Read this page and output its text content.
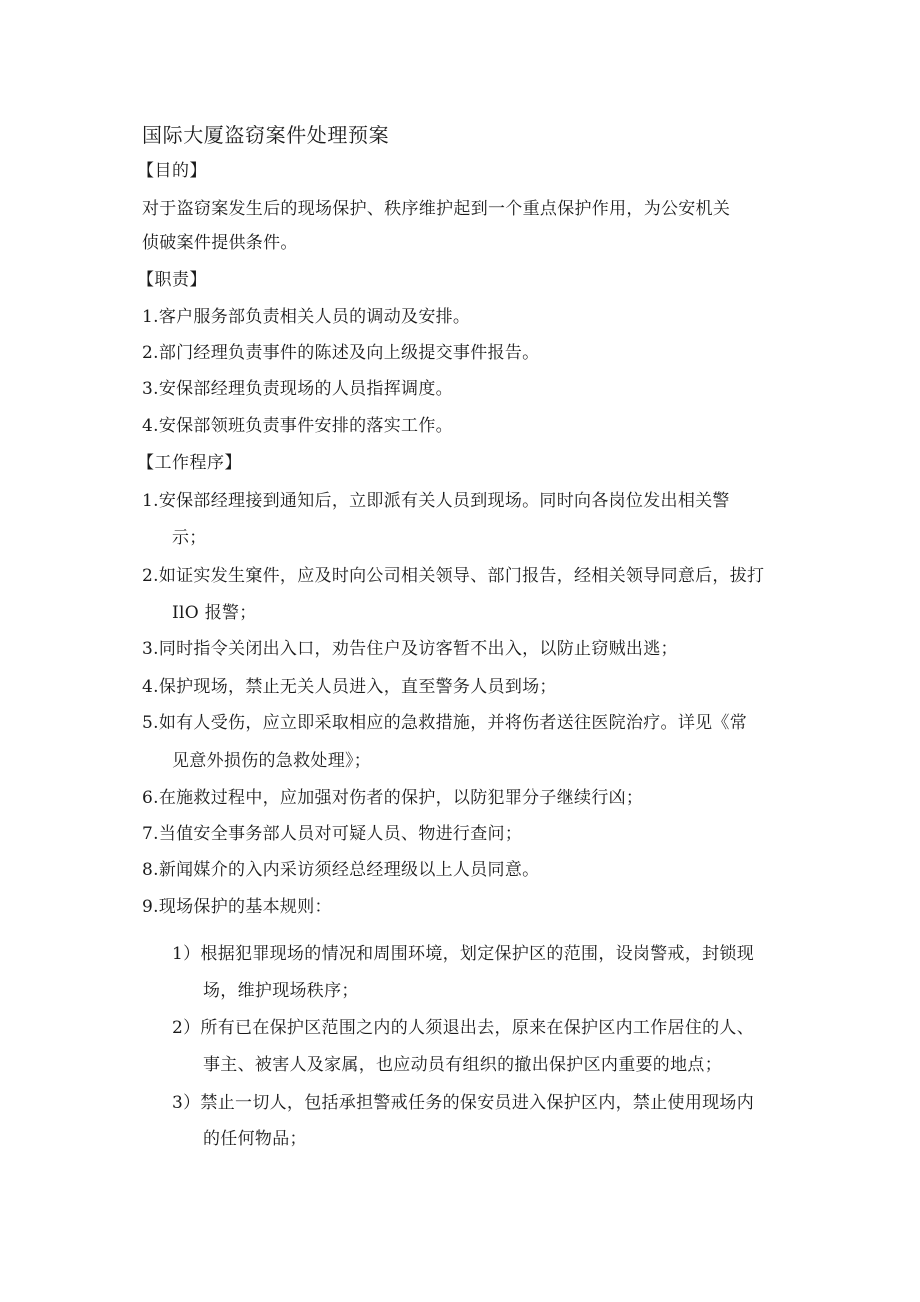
国际大厦盗窃案件处理预案
【目的】
对于盗窃案发生后的现场保护、秩序维护起到一个重点保护作用，为公安机关
侦破案件提供条件。
【职责】
1.客户服务部负责相关人员的调动及安排。
2.部门经理负责事件的陈述及向上级提交事件报告。
3.安保部经理负责现场的人员指挥调度。
4.安保部领班负责事件安排的落实工作。
【工作程序】
1.安保部经理接到通知后，立即派有关人员到现场。同时向各岗位发出相关警
示；
2.如证实发生窠件，应及时向公司相关领导、部门报告，经相关领导同意后，拔打
IlO 报警；
3.同时指令关闭出入口，劝告住户及访客暂不出入，以防止窃贼出逃；
4.保护现场，禁止无关人员进入，直至警务人员到场；
5.如有人受伤，应立即采取相应的急救措施，并将伤者送往医院治疗。详见《常
见意外损伤的急救处理》；
6.在施救过程中，应加强对伤者的保护，以防犯罪分子继续行凶；
7.当值安全事务部人员对可疑人员、物进行查问；
8.新闻媒介的入内采访须经总经理级以上人员同意。
9.现场保护的基本规则：
1）根据犯罪现场的情况和周围环境，划定保护区的范围，设岗警戒，封锁现
场，维护现场秩序；
2）所有已在保护区范围之内的人须退出去，原来在保护区内工作居住的人、
事主、被害人及家属，也应动员有组织的撤出保护区内重要的地点；
3）禁止一切人，包括承担警戒任务的保安员进入保护区内，禁止使用现场内
的任何物品；
